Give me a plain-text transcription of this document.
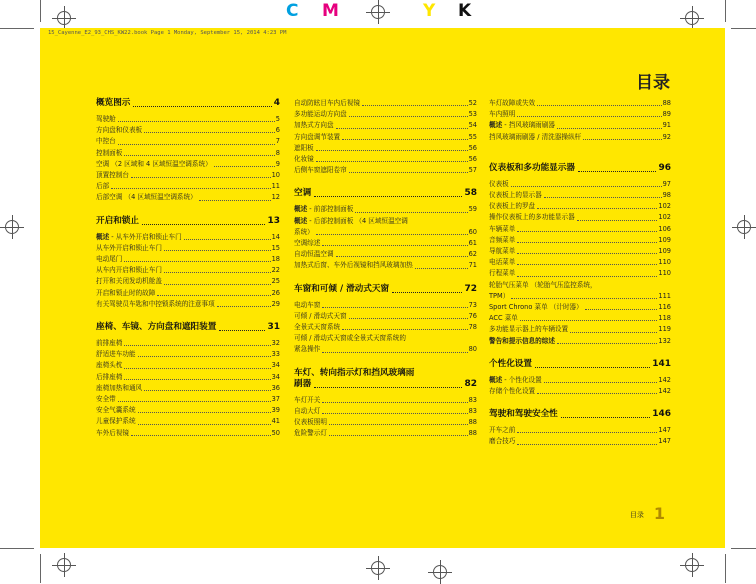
C M	Y K
15_Cayenne_E2_93_CHS_KW22.book Page 1 Monday, September 15, 2014 4:23 PM
目录
概览图示	4
驾驶舱	5
方向盘和仪表板	6
中控台	7
控制面板	8
空调 （2 区域和 4 区域恒温空调系统）	9
顶置控制台	10
后部	11
后部空调 （4 区域恒温空调系统）	12
开启和锁止	13
概述 - 从车外开启和锁止车门	14
从车外开启和锁止车门	15
电动尾门	18
从车内开启和锁止车门	22
打开和关闭发动机舱盖	25
开启和锁止时的故障	26
有关驾驶员车匙和中控锁系统的注意事项	29
座椅、车镜、方向盘和遮阳装置	31
前排座椅	32
舒适进车功能	33
座椅头枕	34
后排座椅	34
座椅加热和通风	36
安全带	37
安全气囊系统	39
儿童保护系统	41
车外后视镜	50
自动防眩目车内后视镜	52
多功能运动方向盘	53
加热式方向盘	54
方向盘调节装置	55
遮阳板	56
化妆镜	56
后侧车窗遮阳卷帘	57
空调	58
概述 - 前部控制面板	59
概述 - 后部控制面板 （4 区域恒温空调
系统）	60
空调综述	61
自动恒温空调	62
加热式后窗、车外后视镜和挡风玻璃加热	71
车窗和可倾 / 滑动式天窗	72
电动车窗	73
可倾 / 滑动式天窗	76
全景式天窗系统	78
可倾 / 滑动式天窗或全景式天窗系统的
紧急操作	80
车灯、转向指示灯和挡风玻璃雨
刷器	82
车灯开关	83
自动大灯	83
仪表板照明	88
危险警示灯	88
车灯故障或失效	88
车内照明	89
概述 - 挡风玻璃雨刷器	91
挡风玻璃雨刷器 / 清洗器操纵杆	92
仪表板和多功能显示器	96
仪表板	97
仪表板上的显示器	98
仪表板上的罗盘	102
操作仪表板上的多功能显示器	102
车辆菜单	106
音频菜单	109
导航菜单	109
电话菜单	110
行程菜单	110
轮胎气压菜单 （轮胎气压监控系统，
TPM）	111
Sport Chrono 菜单 （计时器）	116
ACC 菜单	118
多功能显示器上的车辆设置	119
警告和提示信息的综述	132
个性化设置	141
概述 - 个性化设置	142
存储个性化设置	142
驾驶和驾驶安全性	146
开车之前	147
磨合技巧	147
目录 1
